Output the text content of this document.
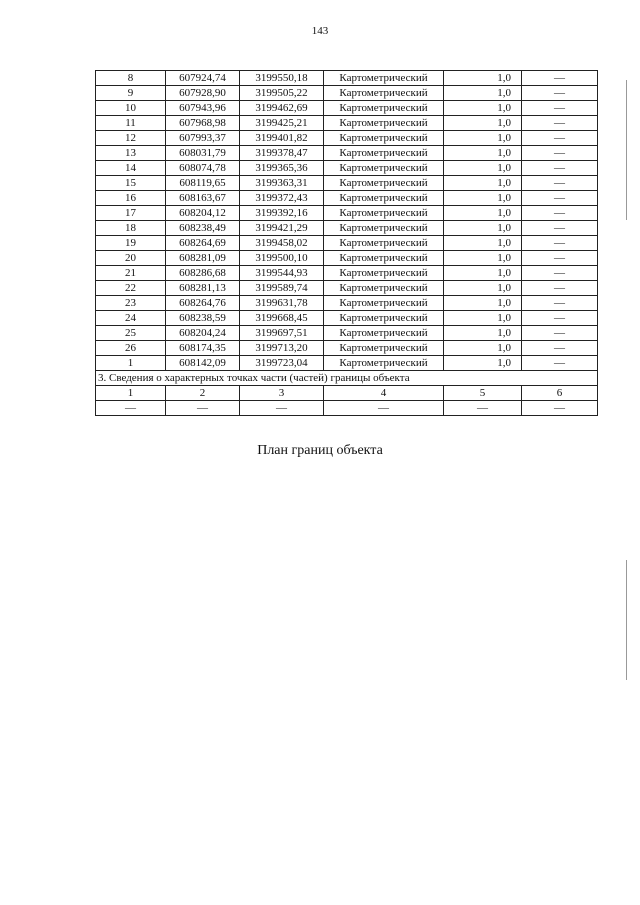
143
8	607924,74	3199550,18	Картометрический	1,0	—
9	607928,90	3199505,22	Картометрический	1,0	—
10	607943,96	3199462,69	Картометрический	1,0	—
11	607968,98	3199425,21	Картометрический	1,0	—
12	607993,37	3199401,82	Картометрический	1,0	—
13	608031,79	3199378,47	Картометрический	1,0	—
14	608074,78	3199365,36	Картометрический	1,0	—
15	608119,65	3199363,31	Картометрический	1,0	—
16	608163,67	3199372,43	Картометрический	1,0	—
17	608204,12	3199392,16	Картометрический	1,0	—
18	608238,49	3199421,29	Картометрический	1,0	—
19	608264,69	3199458,02	Картометрический	1,0	—
20	608281,09	3199500,10	Картометрический	1,0	—
21	608286,68	3199544,93	Картометрический	1,0	—
22	608281,13	3199589,74	Картометрический	1,0	—
23	608264,76	3199631,78	Картометрический	1,0	—
24	608238,59	3199668,45	Картометрический	1,0	—
25	608204,24	3199697,51	Картометрический	1,0	—
26	608174,35	3199713,20	Картометрический	1,0	—
1	608142,09	3199723,04	Картометрический	1,0	—
3. Сведения о характерных точках части (частей) границы объекта					
1	2	3	4	5	6
—	—	—	—	—	—
План границ объекта
